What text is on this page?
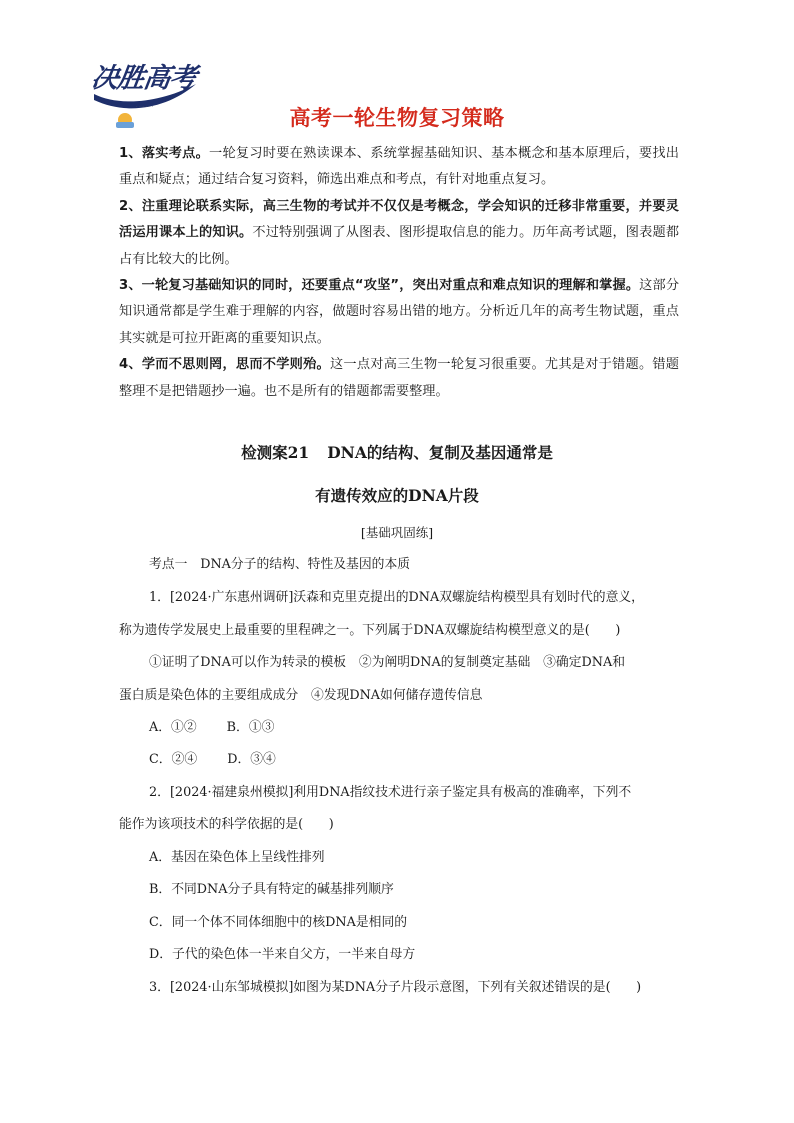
· · · · · ·
决胜高考
高考一轮生物复习策略

1、落实考点。一轮复习时要在熟读课本、系统掌握基础知识、基本概念和基本原理后，要找出重点和疑点；通过结合复习资料，筛选出难点和考点，有针对地重点复习。

2、注重理论联系实际，高三生物的考试并不仅仅是考概念，学会知识的迁移非常重要，并要灵活运用课本上的知识。不过特别强调了从图表、图形提取信息的能力。历年高考试题，图表题都占有比较大的比例。

3、一轮复习基础知识的同时，还要重点“攻坚”，突出对重点和难点知识的理解和掌握。这部分知识通常都是学生难于理解的内容，做题时容易出错的地方。分析近几年的高考生物试题，重点其实就是可拉开距离的重要知识点。

4、学而不思则罔，思而不学则殆。这一点对高三生物一轮复习很重要。尤其是对于错题。错题整理不是把错题抄一遍。也不是所有的错题都需要整理。

检测案21 DNA的结构、复制及基因通常是
有遗传效应的DNA片段
[基础巩固练]
考点一　DNA分子的结构、特性及基因的本质
1．[2024·广东惠州调研]沃森和克里克提出的DNA双螺旋结构模型具有划时代的意义，
称为遗传学发展史上最重要的里程碑之一。下列属于DNA双螺旋结构模型意义的是(　　)
①证明了DNA可以作为转录的模板　②为阐明DNA的复制奠定基础　③确定DNA和
蛋白质是染色体的主要组成成分　④发现DNA如何储存遗传信息
A．①② B．①③
C．②④ D．③④
2．[2024·福建泉州模拟]利用DNA指纹技术进行亲子鉴定具有极高的准确率，下列不
能作为该项技术的科学依据的是(　　)
A．基因在染色体上呈线性排列
B．不同DNA分子具有特定的碱基排列顺序
C．同一个体不同体细胞中的核DNA是相同的
D．子代的染色体一半来自父方，一半来自母方
3．[2024·山东邹城模拟]如图为某DNA分子片段示意图，下列有关叙述错误的是(　　)
